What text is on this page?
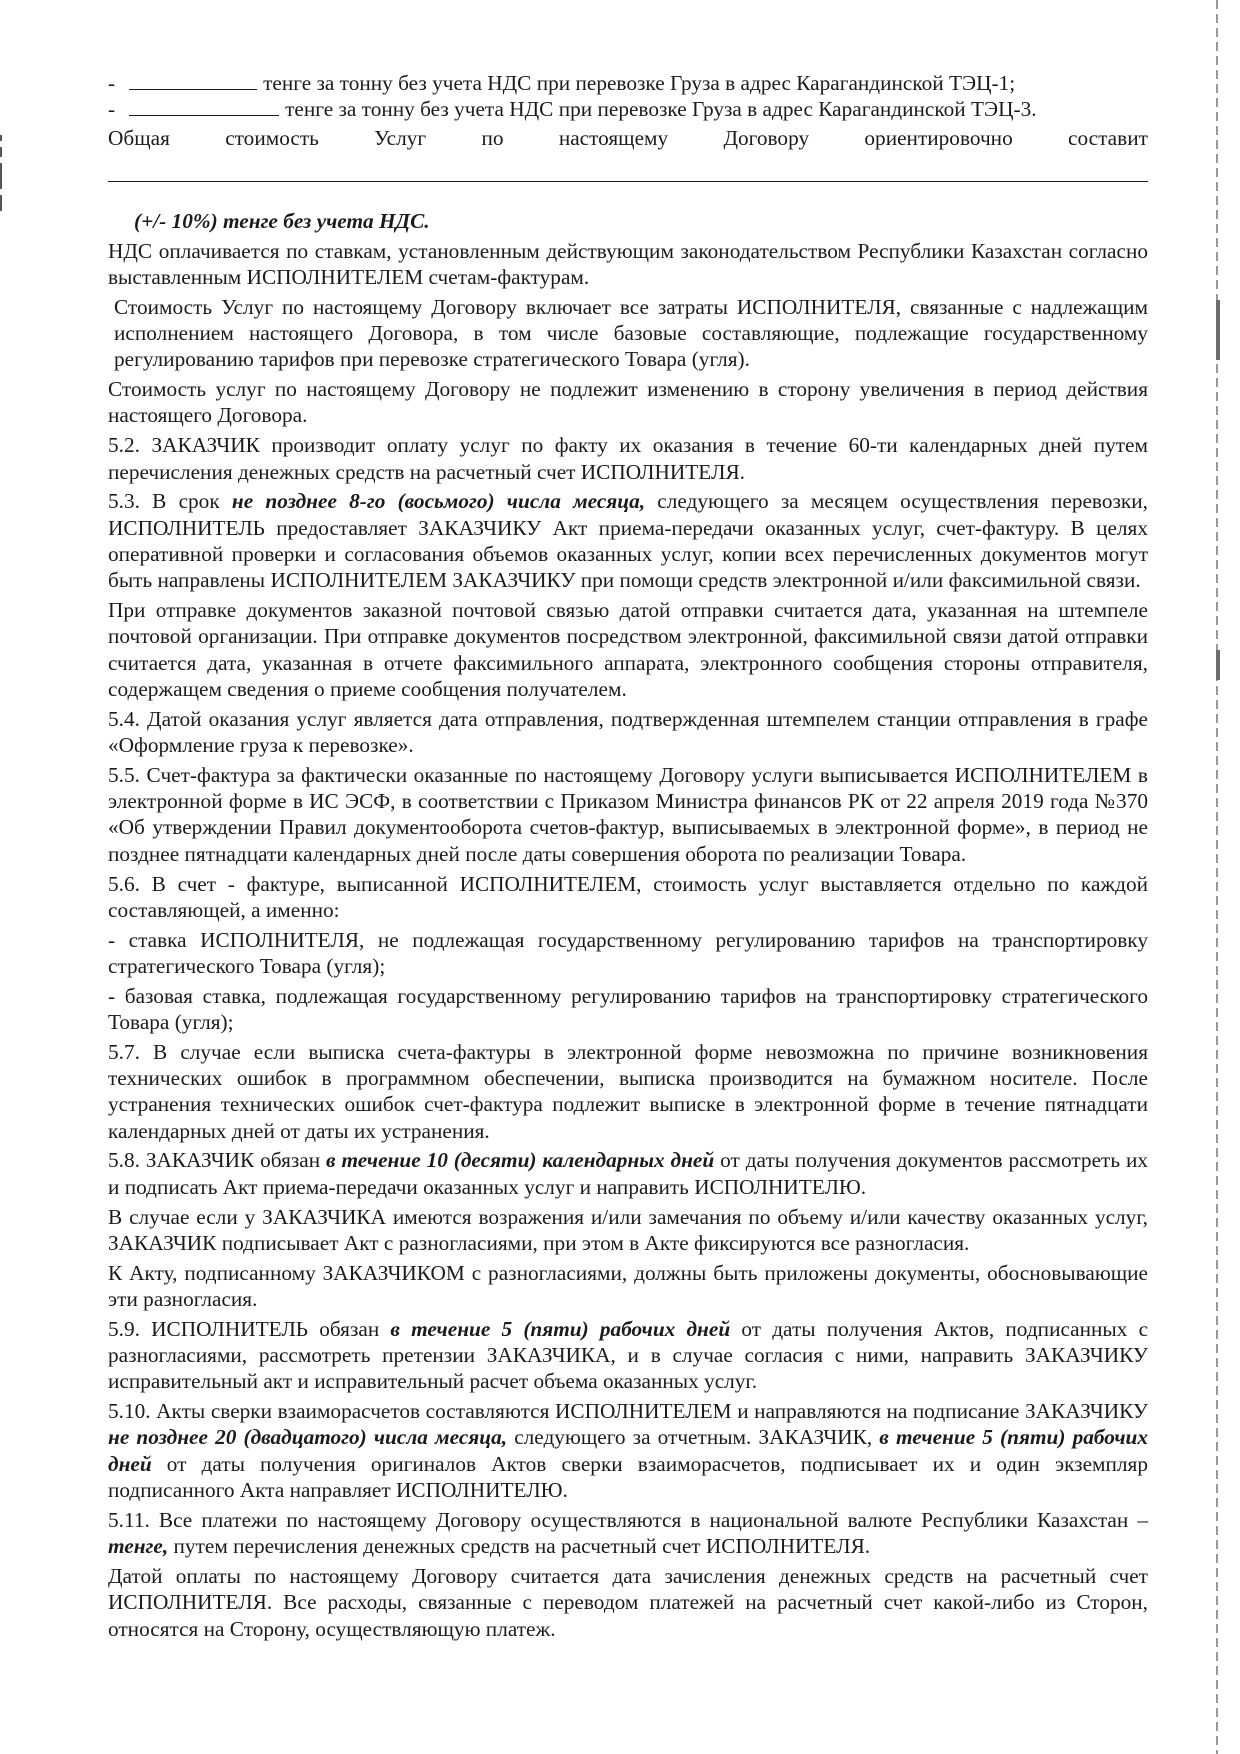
-	тенге за тонну без учета НДС при перевозке Груза в адрес Карагандинской ТЭЦ-1;
-	тенге за тонну без учета НДС при перевозке Груза в адрес Карагандинской ТЭЦ-3.
Общая	стоимость	Услуг	по	настоящему	Договору	ориентировочно	составит

(+/- 10%) тенге без учета НДС.

НДС оплачивается по ставкам, установленным действующим законодательством Республики Казахстан согласно выставленным ИСПОЛНИТЕЛЕМ счетам-фактурам.

Стоимость Услуг по настоящему Договору включает все затраты ИСПОЛНИТЕЛЯ, связанные с надлежащим исполнением настоящего Договора, в том числе базовые составляющие, подлежащие государственному регулированию тарифов при перевозке стратегического Товара (угля).

Стоимость услуг по настоящему Договору не подлежит изменению в сторону увеличения в период действия настоящего Договора.

5.2. ЗАКАЗЧИК производит оплату услуг по факту их оказания в течение 60-ти календарных дней путем перечисления денежных средств на расчетный счет ИСПОЛНИТЕЛЯ.

5.3. В срок не позднее 8-го (восьмого) числа месяца, следующего за месяцем осуществления перевозки, ИСПОЛНИТЕЛЬ предоставляет ЗАКАЗЧИКУ Акт приема-передачи оказанных услуг, счет-фактуру. В целях оперативной проверки и согласования объемов оказанных услуг, копии всех перечисленных документов могут быть направлены ИСПОЛНИТЕЛЕМ ЗАКАЗЧИКУ при помощи средств электронной и/или факсимильной связи.

При отправке документов заказной почтовой связью датой отправки считается дата, указанная на штемпеле почтовой организации. При отправке документов посредством электронной, факсимильной связи датой отправки считается дата, указанная в отчете факсимильного аппарата, электронного сообщения стороны отправителя, содержащем сведения о приеме сообщения получателем.

5.4. Датой оказания услуг является дата отправления, подтвержденная штемпелем станции отправления в графе «Оформление груза к перевозке».

5.5. Счет-фактура за фактически оказанные по настоящему Договору услуги выписывается ИСПОЛНИТЕЛЕМ в электронной форме в ИС ЭСФ, в соответствии с Приказом Министра финансов РК от 22 апреля 2019 года №370 «Об утверждении Правил документооборота счетов-фактур, выписываемых в электронной форме», в период не позднее пятнадцати календарных дней после даты совершения оборота по реализации Товара.

5.6. В счет - фактуре, выписанной ИСПОЛНИТЕЛЕМ, стоимость услуг выставляется отдельно по каждой составляющей, а именно:

- ставка ИСПОЛНИТЕЛЯ, не подлежащая государственному регулированию тарифов на транспортировку стратегического Товара (угля);

- базовая ставка, подлежащая государственному регулированию тарифов на транспортировку стратегического Товара (угля);

5.7. В случае если выписка счета-фактуры в электронной форме невозможна по причине возникновения технических ошибок в программном обеспечении, выписка производится на бумажном носителе. После устранения технических ошибок счет-фактура подлежит выписке в электронной форме в течение пятнадцати календарных дней от даты их устранения.

5.8. ЗАКАЗЧИК обязан в течение 10 (десяти) календарных дней от даты получения документов рассмотреть их и подписать Акт приема-передачи оказанных услуг и направить ИСПОЛНИТЕЛЮ.

В случае если у ЗАКАЗЧИКА имеются возражения и/или замечания по объему и/или качеству оказанных услуг, ЗАКАЗЧИК подписывает Акт с разногласиями, при этом в Акте фиксируются все разногласия.

К Акту, подписанному ЗАКАЗЧИКОМ с разногласиями, должны быть приложены документы, обосновывающие эти разногласия.

5.9. ИСПОЛНИТЕЛЬ обязан в течение 5 (пяти) рабочих дней от даты получения Актов, подписанных с разногласиями, рассмотреть претензии ЗАКАЗЧИКА, и в случае согласия с ними, направить ЗАКАЗЧИКУ исправительный акт и исправительный расчет объема оказанных услуг.

5.10. Акты сверки взаиморасчетов составляются ИСПОЛНИТЕЛЕМ и направляются на подписание ЗАКАЗЧИКУ не позднее 20 (двадцатого) числа месяца, следующего за отчетным. ЗАКАЗЧИК, в течение 5 (пяти) рабочих дней от даты получения оригиналов Актов сверки взаиморасчетов, подписывает их и один экземпляр подписанного Акта направляет ИСПОЛНИТЕЛЮ.

5.11. Все платежи по настоящему Договору осуществляются в национальной валюте Республики Казахстан – тенге, путем перечисления денежных средств на расчетный счет ИСПОЛНИТЕЛЯ.

Датой оплаты по настоящему Договору считается дата зачисления денежных средств на расчетный счет ИСПОЛНИТЕЛЯ. Все расходы, связанные с переводом платежей на расчетный счет какой-либо из Сторон, относятся на Сторону, осуществляющую платеж.
